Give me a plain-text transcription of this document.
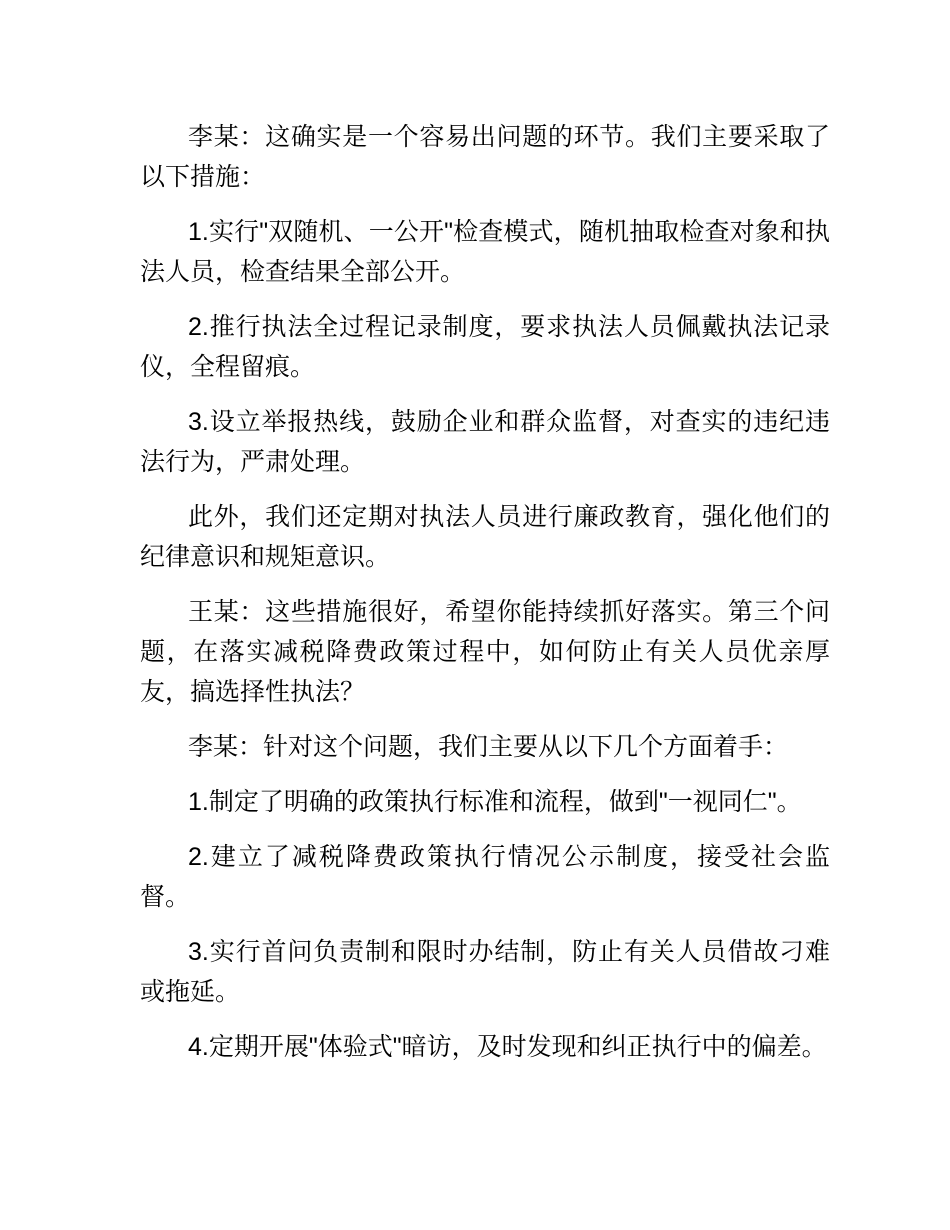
李某：这确实是一个容易出问题的环节。我们主要采取了以下措施：

1.实行"双随机、一公开"检查模式，随机抽取检查对象和执法人员，检查结果全部公开。

2.推行执法全过程记录制度，要求执法人员佩戴执法记录仪，全程留痕。

3.设立举报热线，鼓励企业和群众监督，对查实的违纪违法行为，严肃处理。

此外，我们还定期对执法人员进行廉政教育，强化他们的纪律意识和规矩意识。

王某：这些措施很好，希望你能持续抓好落实。第三个问题，在落实减税降费政策过程中，如何防止有关人员优亲厚友，搞选择性执法？

李某：针对这个问题，我们主要从以下几个方面着手：

1.制定了明确的政策执行标准和流程，做到"一视同仁"。

2.建立了减税降费政策执行情况公示制度，接受社会监督。

3.实行首问负责制和限时办结制，防止有关人员借故刁难或拖延。

4.定期开展"体验式"暗访，及时发现和纠正执行中的偏差。
